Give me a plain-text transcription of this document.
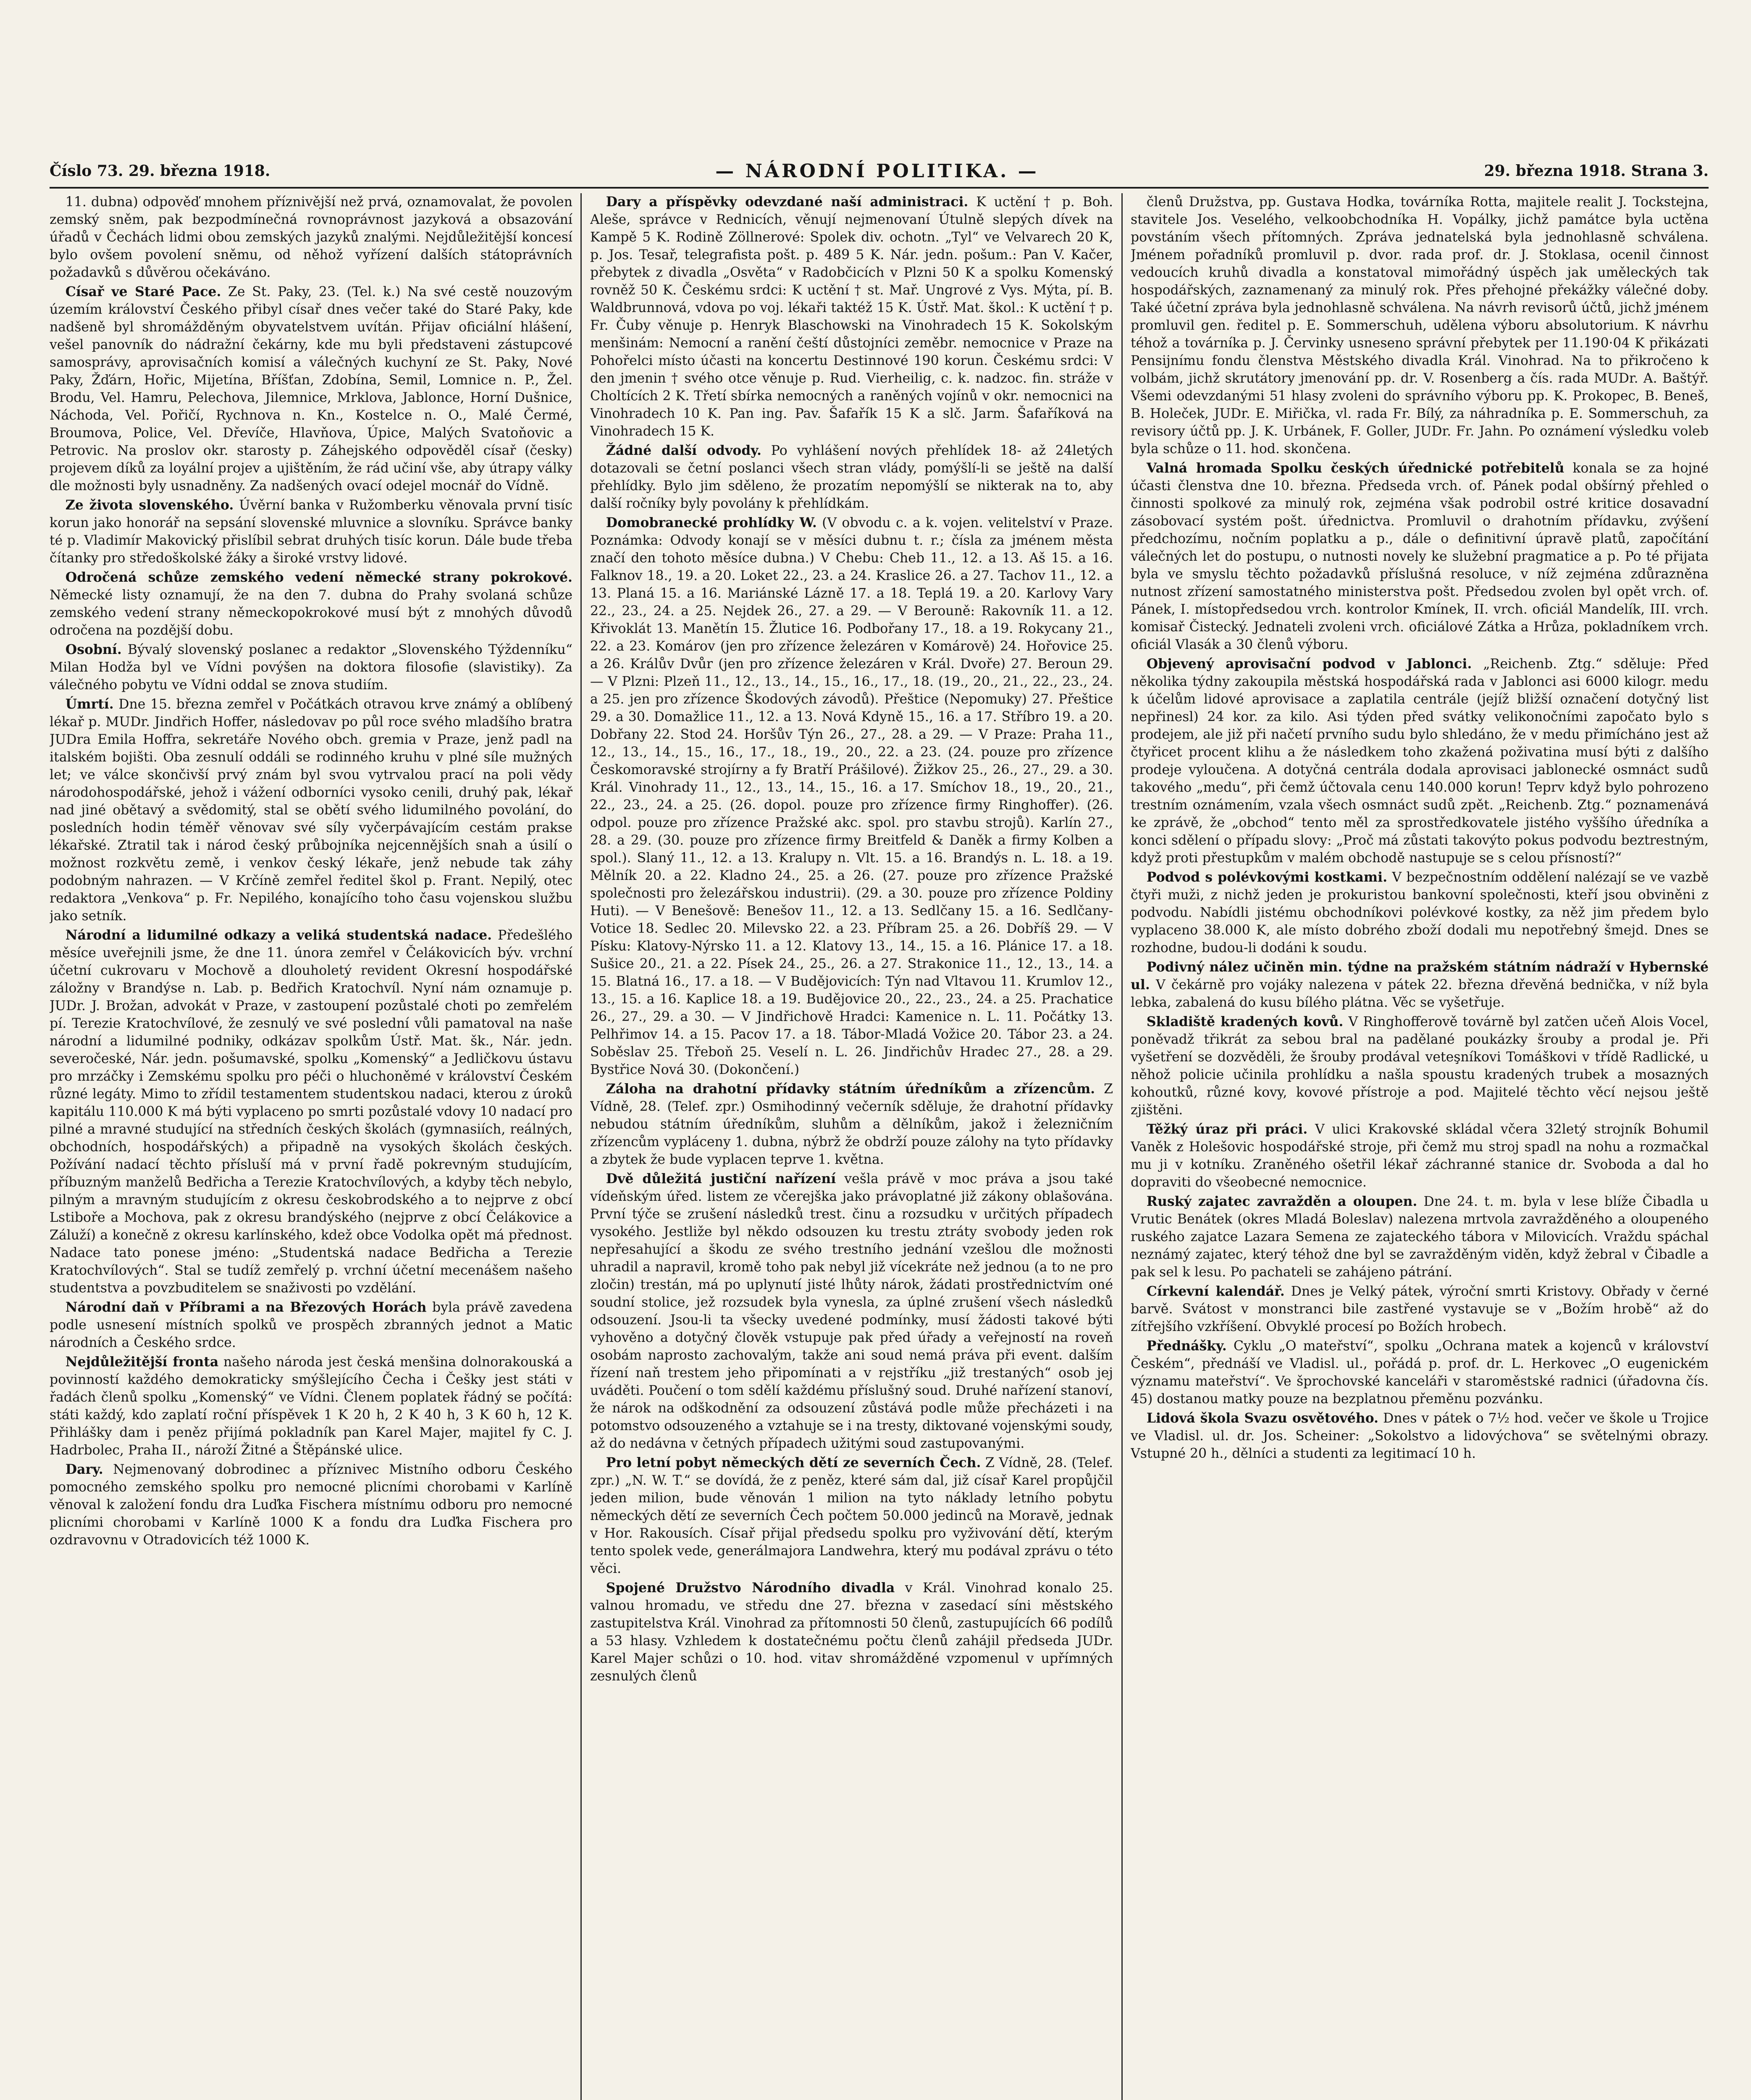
Číslo 73. 29. března 1918.	— NÁRODNÍ POLITIKA. —	29. března 1918. Strana 3.

11. dubna) odpověď mnohem příznivější než prvá, oznamovalat, že povolen zemský sněm, pak bezpodmínečná rovnoprávnost jazyková a obsazování úřadů v Čechách lidmi obou zemských jazyků znalými. Nejdůležitější koncesí bylo ovšem povolení sněmu, od něhož vyřízení dalších státoprávních požadavků s důvěrou očekáváno.

Císař ve Staré Pace. Ze St. Paky, 23. (Tel. k.) Na své cestě nouzovým územím království Českého přibyl císař dnes večer také do Staré Paky, kde nadšeně byl shromážděným obyvatelstvem uvítán. Přijav oficiální hlášení, vešel panovník do nádražní čekárny, kde mu byli představeni zástupcové samosprávy, aprovisačních komisí a válečných kuchyní ze St. Paky, Nové Paky, Žďárn, Hořic, Mijetína, Bříšťan, Zdobína, Semil, Lomnice n. P., Žel. Brodu, Vel. Hamru, Pelechova, Jilemnice, Mrklova, Jablonce, Horní Dušnice, Náchoda, Vel. Pořičí, Rychnova n. Kn., Kostelce n. O., Malé Čermé, Broumova, Police, Vel. Dřevíče, Hlavňova, Úpice, Malých Svatoňovic a Petrovic. Na proslov okr. starosty p. Záhejského odpověděl císař (česky) projevem díků za loyální projev a ujištěním, že rád učiní vše, aby útrapy války dle možnosti byly usnadněny. Za nadšených ovací odejel mocnář do Vídně.

Ze života slovenského. Úvěrní banka v Ružomberku věnovala první tisíc korun jako honorář na sepsání slovenské mluvnice a slovníku. Správce banky té p. Vladimír Makovický přislíbil sebrat druhých tisíc korun. Dále bude třeba čítanky pro středoškolské žáky a široké vrstvy lidové.

Odročená schůze zemského vedení německé strany pokrokové. Německé listy oznamují, že na den 7. dubna do Prahy svolaná schůze zemského vedení strany německopokrokové musí být z mnohých důvodů odročena na pozdější dobu.

Osobní. Bývalý slovenský poslanec a redaktor „Slovenského Týždenníku“ Milan Hodža byl ve Vídni povýšen na doktora filosofie (slavistiky). Za válečného pobytu ve Vídni oddal se znova studiím.

Úmrtí. Dne 15. března zemřel v Počátkách otravou krve známý a oblíbený lékař p. MUDr. Jindřich Hoffer, následovav po půl roce svého mladšího bratra JUDra Emila Hoffra, sekretáře Nového obch. gremia v Praze, jenž padl na italském bojišti. Oba zesnulí oddáli se rodinného kruhu v plné síle mužných let; ve válce skončivší prvý znám byl svou vytrvalou prací na poli vědy národohospodářské, jehož i vážení odborníci vysoko cenili, druhý pak, lékař nad jiné obětavý a svědomitý, stal se obětí svého lidumilného povolání, do posledních hodin téměř věnovav své síly vyčerpávajícím cestám prakse lékařské. Ztratil tak i národ český průbojníka nejcennějších snah a úsilí o možnost rozkvětu země, i venkov český lékaře, jenž nebude tak záhy podobným nahrazen. — V Krčíně zemřel ředitel škol p. Frant. Nepilý, otec redaktora „Venkova“ p. Fr. Nepilého, konajícího toho času vojenskou službu jako setník.

Národní a lidumilné odkazy a veliká studentská nadace. Předešlého měsíce uveřejnili jsme, že dne 11. února zemřel v Čelákovicích býv. vrchní účetní cukrovaru v Mochově a dlouholetý revident Okresní hospodářské záložny v Brandýse n. Lab. p. Bedřich Kratochvíl. Nyní nám oznamuje p. JUDr. J. Brožan, advokát v Praze, v zastoupení pozůstalé choti po zemřelém pí. Terezie Kratochvílové, že zesnulý ve své poslední vůli pamatoval na naše národní a lidumilné podniky, odkázav spolkům Ústř. Mat. šk., Nár. jedn. severočeské, Nár. jedn. pošumavské, spolku „Komenský“ a Jedličkovu ústavu pro mrzáčky i Zemskému spolku pro péči o hluchoněmé v království Českém různé legáty. Mimo to zřídil testamentem studentskou nadaci, kterou z úroků kapitálu 110.000 K má býti vyplaceno po smrti pozůstalé vdovy 10 nadací pro pilné a mravné studující na středních českých školách (gymnasiích, reálných, obchodních, hospodářských) a připadně na vysokých školách českých. Požívání nadací těchto přísluší má v první řadě pokrevným studujícím, příbuzným manželů Bedřicha a Terezie Kratochvílových, a kdyby těch nebylo, pilným a mravným studujícím z okresu českobrodského a to nejprve z obcí Lstiboře a Mochova, pak z okresu brandýského (nejprve z obcí Čelákovice a Záluží) a konečně z okresu karlínského, kdež obce Vodolka opět má přednost. Nadace tato ponese jméno: „Studentská nadace Bedřicha a Terezie Kratochvílových“. Stal se tudíž zemřelý p. vrchní účetní mecenášem našeho studentstva a povzbuditelem se snaživosti po vzdělání.

Národní daň v Příbrami a na Březových Horách byla právě zavedena podle usnesení místních spolků ve prospěch zbranných jednot a Matic národních a Českého srdce.

Nejdůležitější fronta našeho národa jest česká menšina dolnorakouská a povinností každého demokraticky smýšlejícího Čecha i Češky jest státi v řadách členů spolku „Komenský“ ve Vídni. Členem poplatek řádný se počítá: státi každý, kdo zaplatí roční příspěvek 1 K 20 h, 2 K 40 h, 3 K 60 h, 12 K. Přihlášky dam i peněz přijímá pokladník pan Karel Majer, majitel fy C. J. Hadrbolec, Praha II., nároží Žitné a Štěpánské ulice.

Dary. Nejmenovaný dobrodinec a příznivec Mistního odboru Českého pomocného zemského spolku pro nemocné plicními chorobami v Karlíně věnoval k založení fondu dra Luďka Fischera místnímu odboru pro nemocné plicními chorobami v Karlíně 1000 K a fondu dra Luďka Fischera pro ozdravovnu v Otradovicích též 1000 K.

Dary a příspěvky odevzdané naší administraci. K uctění † p. Boh. Aleše, správce v Rednicích, věnují nejmenovaní Útulně slepých dívek na Kampě 5 K. Rodině Zöllnerové: Spolek div. ochotn. „Tyl“ ve Velvarech 20 K, p. Jos. Tesař, telegrafista pošt. p. 489 5 K. Nár. jedn. pošum.: Pan V. Kačer, přebytek z divadla „Osvěta“ v Radobčicích v Plzni 50 K a spolku Komenský rovněž 50 K. Českému srdci: K uctění † st. Mař. Ungrové z Vys. Mýta, pí. B. Waldbrunnová, vdova po voj. lékaři taktéž 15 K. Ústř. Mat. škol.: K uctění † p. Fr. Čuby věnuje p. Henryk Blaschowski na Vinohradech 15 K. Sokolským menšinám: Nemocní a ranění čeští důstojníci zeměbr. nemocnice v Praze na Pohořelci místo účasti na koncertu Destinnové 190 korun. Českému srdci: V den jmenin † svého otce věnuje p. Rud. Vierheilig, c. k. nadzoc. fin. stráže v Choltících 2 K. Třetí sbírka nemocných a raněných vojínů v okr. nemocnici na Vinohradech 10 K. Pan ing. Pav. Šafařík 15 K a slč. Jarm. Šafaříková na Vinohradech 15 K.

Žádné další odvody. Po vyhlášení nových přehlídek 18- až 24letých dotazovali se četní poslanci všech stran vlády, pomýšlí-li se ještě na další přehlídky. Bylo jim sděleno, že prozatím nepomýšlí se nikterak na to, aby další ročníky byly povolány k přehlídkám.

Domobranecké prohlídky W. (V obvodu c. a k. vojen. velitelství v Praze. Poznámka: Odvody konají se v měsíci dubnu t. r.; čísla za jménem města značí den tohoto měsíce dubna.) V Chebu: Cheb 11., 12. a 13. Aš 15. a 16. Falknov 18., 19. a 20. Loket 22., 23. a 24. Kraslice 26. a 27. Tachov 11., 12. a 13. Planá 15. a 16. Mariánské Lázně 17. a 18. Teplá 19. a 20. Karlovy Vary 22., 23., 24. a 25. Nejdek 26., 27. a 29. — V Berouně: Rakovník 11. a 12. Křivoklát 13. Manětín 15. Žlutice 16. Podbořany 17., 18. a 19. Rokycany 21., 22. a 23. Komárov (jen pro zřízence železáren v Komárově) 24. Hořovice 25. a 26. Králův Dvůr (jen pro zřízence železáren v Král. Dvoře) 27. Beroun 29. — V Plzni: Plzeň 11., 12., 13., 14., 15., 16., 17., 18. (19., 20., 21., 22., 23., 24. a 25. jen pro zřízence Škodových závodů). Přeštice (Nepomuky) 27. Přeštice 29. a 30. Domažlice 11., 12. a 13. Nová Kdyně 15., 16. a 17. Stříbro 19. a 20. Dobřany 22. Stod 24. Horšův Týn 26., 27., 28. a 29. — V Praze: Praha 11., 12., 13., 14., 15., 16., 17., 18., 19., 20., 22. a 23. (24. pouze pro zřízence Českomoravské strojírny a fy Bratří Prášilové). Žižkov 25., 26., 27., 29. a 30. Král. Vinohrady 11., 12., 13., 14., 15., 16. a 17. Smíchov 18., 19., 20., 21., 22., 23., 24. a 25. (26. dopol. pouze pro zřízence firmy Ringhoffer). (26. odpol. pouze pro zřízence Pražské akc. spol. pro stavbu strojů). Karlín 27., 28. a 29. (30. pouze pro zřízence firmy Breitfeld & Daněk a firmy Kolben a spol.). Slaný 11., 12. a 13. Kralupy n. Vlt. 15. a 16. Brandýs n. L. 18. a 19. Mělník 20. a 22. Kladno 24., 25. a 26. (27. pouze pro zřízence Pražské společnosti pro železářskou industrii). (29. a 30. pouze pro zřízence Poldiny Huti). — V Benešově: Benešov 11., 12. a 13. Sedlčany 15. a 16. Sedlčany-Votice 18. Sedlec 20. Milevsko 22. a 23. Příbram 25. a 26. Dobříš 29. — V Písku: Klatovy-Nýrsko 11. a 12. Klatovy 13., 14., 15. a 16. Plánice 17. a 18. Sušice 20., 21. a 22. Písek 24., 25., 26. a 27. Strakonice 11., 12., 13., 14. a 15. Blatná 16., 17. a 18. — V Budějovicích: Týn nad Vltavou 11. Krumlov 12., 13., 15. a 16. Kaplice 18. a 19. Budějovice 20., 22., 23., 24. a 25. Prachatice 26., 27., 29. a 30. — V Jindřichově Hradci: Kamenice n. L. 11. Počátky 13. Pelhřimov 14. a 15. Pacov 17. a 18. Tábor-Mladá Vožice 20. Tábor 23. a 24. Soběslav 25. Třeboň 25. Veselí n. L. 26. Jindřichův Hradec 27., 28. a 29. Bystřice Nová 30. (Dokončení.)

Záloha na drahotní přídavky státním úředníkům a zřízencům. Z Vídně, 28. (Telef. zpr.) Osmihodinný večerník sděluje, že drahotní přídavky nebudou státním úředníkům, sluhům a dělníkům, jakož i železničním zřízencům vypláceny 1. dubna, nýbrž že obdrží pouze zálohy na tyto přídavky a zbytek že bude vyplacen teprve 1. května.

Dvě důležitá justiční nařízení vešla právě v moc práva a jsou také vídeňským úřed. listem ze včerejška jako právoplatné již zákony oblašována. První týče se zrušení následků trest. činu a rozsudku v určitých případech vysokého. Jestliže byl někdo odsouzen ku trestu ztráty svobody jeden rok nepřesahující a škodu ze svého trestního jednání vzešlou dle možnosti uhradil a napravil, kromě toho pak nebyl již vícekráte než jednou (a to ne pro zločin) trestán, má po uplynutí jisté lhůty nárok, žádati prostřednictvím oné soudní stolice, jež rozsudek byla vynesla, za úplné zrušení všech následků odsouzení. Jsou-li ta všecky uvedené podmínky, musí žádosti takové býti vyhověno a dotyčný člověk vstupuje pak před úřady a veřejností na roveň osobám naprosto zachovalým, takže ani soud nemá práva při event. dalším řízení naň trestem jeho připomínati a v rejstříku „již trestaných“ osob jej uváděti. Poučení o tom sdělí každému příslušný soud. Druhé nařízení stanoví, že nárok na odškodnění za odsouzení zůstává podle může přecházeti i na potomstvo odsouzeného a vztahuje se i na tresty, diktované vojenskými soudy, až do nedávna v četných případech užitými soud zastupovanými.

Pro letní pobyt německých dětí ze severních Čech. Z Vídně, 28. (Telef. zpr.) „N. W. T.“ se dovídá, že z peněz, které sám dal, již císař Karel propůjčil jeden milion, bude věnován 1 milion na tyto náklady letního pobytu německých dětí ze severních Čech počtem 50.000 jedinců na Moravě, jednak v Hor. Rakousích. Císař přijal předsedu spolku pro vyživování dětí, kterým tento spolek vede, generálmajora Landwehra, který mu podával zprávu o této věci.

Spojené Družstvo Národního divadla v Král. Vinohrad konalo 25. valnou hromadu, ve středu dne 27. března v zasedací síni městského zastupitelstva Král. Vinohrad za přítomnosti 50 členů, zastupujících 66 podílů a 53 hlasy. Vzhledem k dostatečnému počtu členů zahájil předseda JUDr. Karel Majer schůzi o 10. hod. vitav shromážděné vzpomenul v upřímných zesnulých členů

členů Družstva, pp. Gustava Hodka, továrníka Rotta, majitele realit J. Tockstejna, stavitele Jos. Veselého, velkoobchodníka H. Vopálky, jichž památce byla uctěna povstáním všech přítomných. Zpráva jednatelská byla jednohlasně schválena. Jménem pořadníků promluvil p. dvor. rada prof. dr. J. Stoklasa, ocenil činnost vedoucích kruhů divadla a konstatoval mimořádný úspěch jak uměleckých tak hospodářských, zaznamenaný za minulý rok. Přes přehojné překážky válečné doby. Také účetní zpráva byla jednohlasně schválena. Na návrh revisorů účtů, jichž jménem promluvil gen. ředitel p. E. Sommerschuh, udělena výboru absolutorium. K návrhu téhož a továrníka p. J. Červinky usneseno správní přebytek per 11.190·04 K přikázati Pensijnímu fondu členstva Městského divadla Král. Vinohrad. Na to přikročeno k volbám, jichž skrutátory jmenování pp. dr. V. Rosenberg a čís. rada MUDr. A. Baštýř. Všemi odevzdanými 51 hlasy zvoleni do správního výboru pp. K. Prokopec, B. Beneš, B. Holeček, JUDr. E. Miřička, vl. rada Fr. Bílý, za náhradníka p. E. Sommerschuh, za revisory účtů pp. J. K. Urbánek, F. Goller, JUDr. Fr. Jahn. Po oznámení výsledku voleb byla schůze o 11. hod. skončena.

Valná hromada Spolku českých úřednické potřebitelů konala se za hojné účasti členstva dne 10. března. Předseda vrch. of. Pánek podal obšírný přehled o činnosti spolkové za minulý rok, zejména však podrobil ostré kritice dosavadní zásobovací systém pošt. úřednictva. Promluvil o drahotním přídavku, zvýšení předchozímu, nočním poplatku a p., dále o definitivní úpravě platů, započítání válečných let do postupu, o nutnosti novely ke služební pragmatice a p. Po té přijata byla ve smyslu těchto požadavků příslušná resoluce, v níž zejména zdůrazněna nutnost zřízení samostatného ministerstva pošt. Předsedou zvolen byl opět vrch. of. Pánek, I. místopředsedou vrch. kontrolor Kmínek, II. vrch. oficiál Mandelík, III. vrch. komisař Čistecký. Jednateli zvoleni vrch. oficiálové Zátka a Hrůza, pokladníkem vrch. oficiál Vlasák a 30 členů výboru.

Objevený aprovisační podvod v Jablonci. „Reichenb. Ztg.“ sděluje: Před několika týdny zakoupila městská hospodářská rada v Jablonci asi 6000 kilogr. medu k účelům lidové aprovisace a zaplatila centrále (jejíž bližší označení dotyčný list nepřinesl) 24 kor. za kilo. Asi týden před svátky velikonočními započato bylo s prodejem, ale již při načetí prvního sudu bylo shledáno, že v medu přimícháno jest až čtyřicet procent klihu a že následkem toho zkažená poživatina musí býti z dalšího prodeje vyloučena. A dotyčná centrála dodala aprovisaci jablonecké osmnáct sudů takového „medu“, při čemž účtovala cenu 140.000 korun! Teprv když bylo pohrozeno trestním oznámením, vzala všech osmnáct sudů zpět. „Reichenb. Ztg.“ poznamenává ke zprávě, že „obchod“ tento měl za sprostředkovatele jistého vyššího úředníka a konci sdělení o případu slovy: „Proč má zůstati takovýto pokus podvodu beztrestným, když proti přestupkům v malém obchodě nastupuje se s celou přísností?“

Podvod s polévkovými kostkami. V bezpečnostním oddělení nalézají se ve vazbě čtyři muži, z nichž jeden je prokuristou bankovní společnosti, kteří jsou obviněni z podvodu. Nabídli jistému obchodníkovi polévkové kostky, za něž jim předem bylo vyplaceno 38.000 K, ale místo dobrého zboží dodali mu nepotřebný šmejd. Dnes se rozhodne, budou-li dodáni k soudu.

Podivný nález učiněn min. týdne na pražském státním nádraží v Hybernské ul. V čekárně pro vojáky nalezena v pátek 22. března dřevěná bednička, v níž byla lebka, zabalená do kusu bílého plátna. Věc se vyšetřuje.

Skladiště kradených kovů. V Ringhofferově továrně byl zatčen učeň Alois Vocel, poněvadž třikrát za sebou bral na padělané poukázky šrouby a prodal je. Při vyšetření se dozvěděli, že šrouby prodával veteşníkovi Tomáškovi v třídě Radlické, u něhož policie učinila prohlídku a našla spoustu kradených trubek a mosazných kohoutků, různé kovy, kovové přístroje a pod. Majitelé těchto věcí nejsou ještě zjištěni.

Těžký úraz při práci. V ulici Krakovské skládal včera 32letý strojník Bohumil Vaněk z Holešovic hospodářské stroje, při čemž mu stroj spadl na nohu a rozmačkal mu ji v kotníku. Zraněného ošetřil lékař záchranné stanice dr. Svoboda a dal ho dopraviti do všeobecné nemocnice.

Ruský zajatec zavražděn a oloupen. Dne 24. t. m. byla v lese blíže Čibadla u Vrutic Benátek (okres Mladá Boleslav) nalezena mrtvola zavražděného a oloupeného ruského zajatce Lazara Semena ze zajateckého tábora v Milovicích. Vraždu spáchal neznámý zajatec, který téhož dne byl se zavražděným viděn, když žebral v Čibadle a pak sel k lesu. Po pachateli se zahájeno pátrání.

Církevní kalendář. Dnes je Velký pátek, výroční smrti Kristovy. Obřady v černé barvě. Svátost v monstranci bile zastřené vystavuje se v „Božím hrobě“ až do zítřejšího vzkříšení. Obvyklé procesí po Božích hrobech.

Přednášky. Cyklu „O mateřství“, spolku „Ochrana matek a kojenců v království Českém“, přednáší ve Vladisl. ul., pořádá p. prof. dr. L. Herkovec „O eugenickém významu mateřství“. Ve šprochovské kanceláři v staroměstské radnici (úřadovna čís. 45) dostanou matky pouze na bezplatnou přeměnu pozvánku.

Lidová škola Svazu osvětového. Dnes v pátek o 7½ hod. večer ve škole u Trojice ve Vladisl. ul. dr. Jos. Scheiner: „Sokolstvo a lidovýchova“ se světelnými obrazy. Vstupné 20 h., dělníci a studenti za legitimací 10 h.
